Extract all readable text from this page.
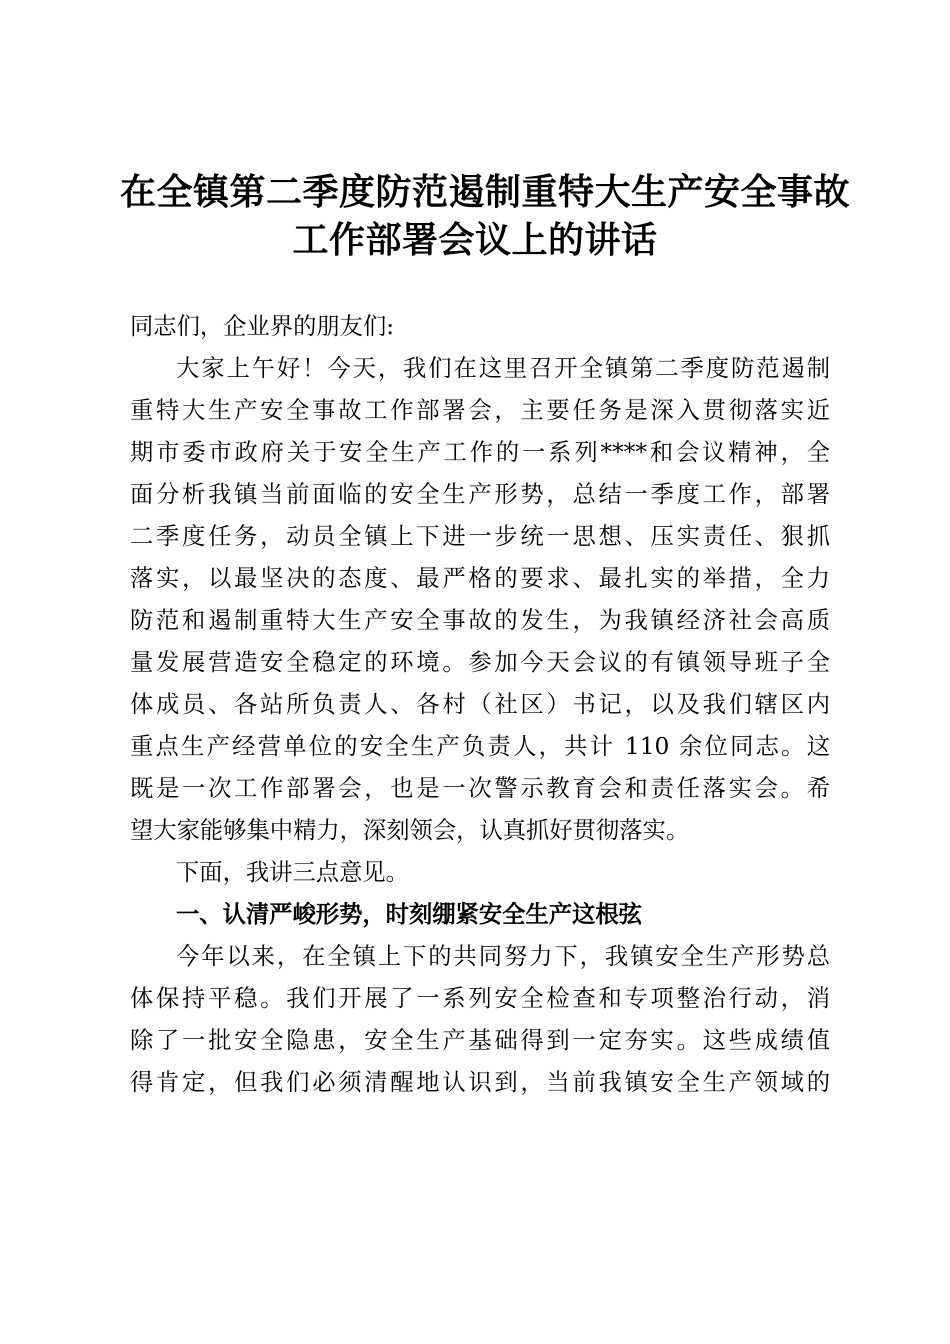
在全镇第二季度防范遏制重特大生产安全事故
工作部署会议上的讲话
同志们，企业界的朋友们:
大家上午好！今天，我们在这里召开全镇第二季度防范遏制
重特大生产安全事故工作部署会，主要任务是深入贯彻落实近
期市委市政府关于安全生产工作的一系列****和会议精神，全
面分析我镇当前面临的安全生产形势，总结一季度工作，部署
二季度任务，动员全镇上下进一步统一思想、压实责任、狠抓
落实，以最坚决的态度、最严格的要求、最扎实的举措，全力
防范和遏制重特大生产安全事故的发生，为我镇经济社会高质
量发展营造安全稳定的环境。参加今天会议的有镇领导班子全
体成员、各站所负责人、各村（社区）书记，以及我们辖区内
重点生产经营单位的安全生产负责人，共计 110 余位同志。这
既是一次工作部署会，也是一次警示教育会和责任落实会。希
望大家能够集中精力，深刻领会，认真抓好贯彻落实。
下面，我讲三点意见。
一、认清严峻形势，时刻绷紧安全生产这根弦
今年以来，在全镇上下的共同努力下，我镇安全生产形势总
体保持平稳。我们开展了一系列安全检查和专项整治行动，消
除了一批安全隐患，安全生产基础得到一定夯实。这些成绩值
得肯定，但我们必须清醒地认识到，当前我镇安全生产领域的
